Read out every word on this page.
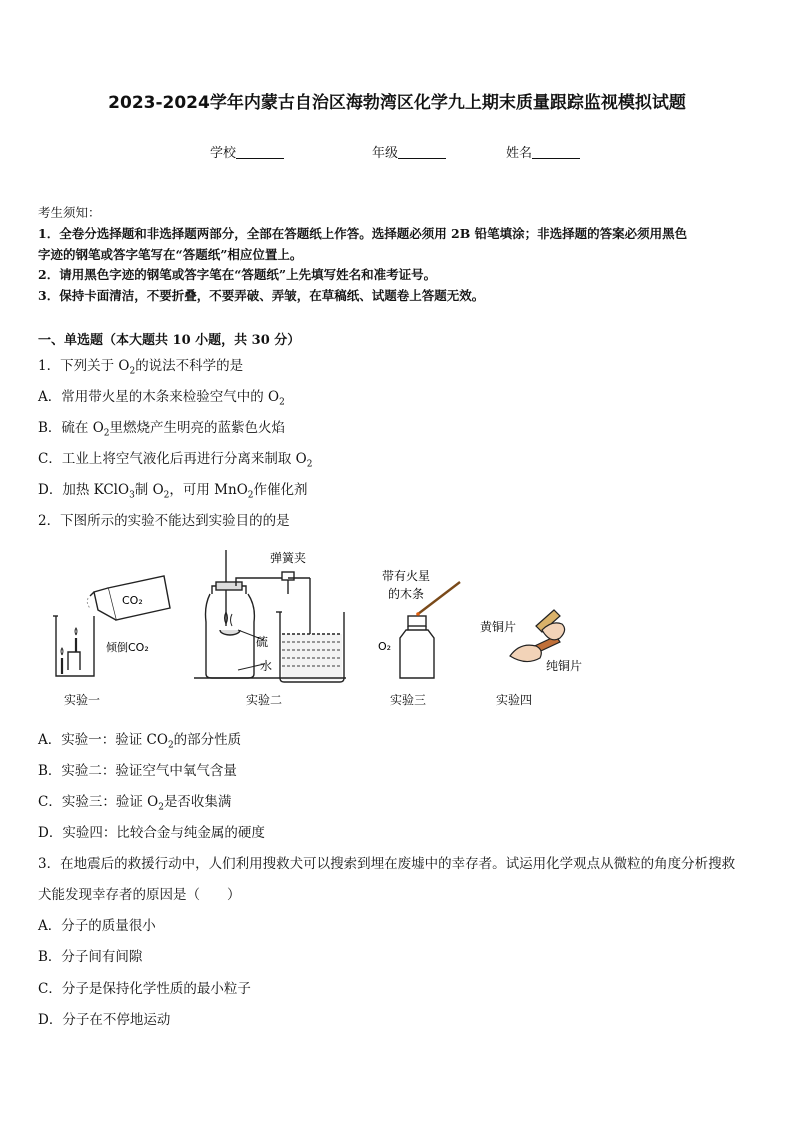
2023-2024学年内蒙古自治区海勃湾区化学九上期末质量跟踪监视模拟试题
学校	年级	姓名
考生须知：
1．全卷分选择题和非选择题两部分，全部在答题纸上作答。选择题必须用 2B 铅笔填涂；非选择题的答案必须用黑色
字迹的钢笔或答字笔写在“答题纸”相应位置上。
2．请用黑色字迹的钢笔或答字笔在“答题纸”上先填写姓名和准考证号。
3．保持卡面清洁，不要折叠，不要弄破、弄皱，在草稿纸、试题卷上答题无效。
一、单选题（本大题共 10 小题，共 30 分）
1．下列关于 $O_2$的说法不科学的是
A．常用带火星的木条来检验空气中的 $O_2$
B．硫在 $O_2$里燃烧产生明亮的蓝紫色火焰
C．工业上将空气液化后再进行分离来制取 $O_2$
D．加热 KClO$_3$制 $O_2$，可用 MnO$_2$作催化剂
2．下图所示的实验不能达到实验目的的是
CO₂
倾倒CO₂
弹簧夹
硫
水
带有火星
的木条
O₂
黄铜片
纯铜片
实验一	实验二	实验三	实验四
A．实验一：验证 $CO_2$的部分性质
B．实验二：验证空气中氧气含量
C．实验三：验证 $O_2$是否收集满
D．实验四：比较合金与纯金属的硬度
3．在地震后的救援行动中，人们利用搜救犬可以搜索到埋在废墟中的幸存者。试运用化学观点从微粒的角度分析搜救
犬能发现幸存者的原因是（　　）
A．分子的质量很小
B．分子间有间隙
C．分子是保持化学性质的最小粒子
D．分子在不停地运动
